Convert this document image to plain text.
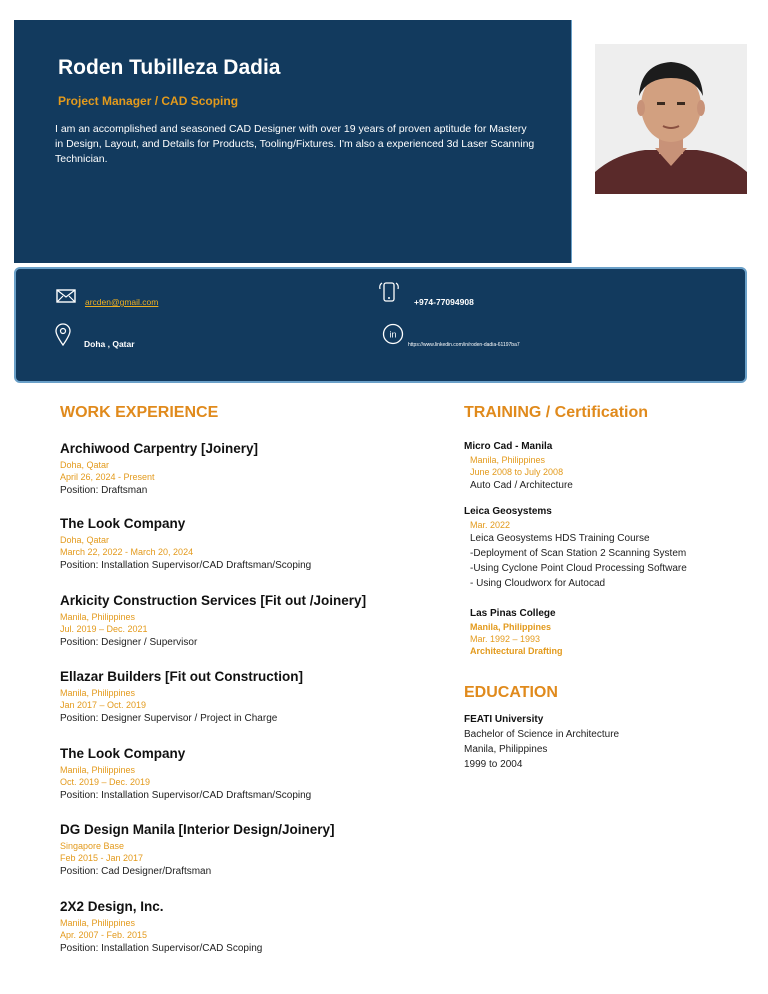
Roden Tubilleza Dadia
Project Manager / CAD Scoping
I am an accomplished and seasoned CAD Designer with over 19 years of proven aptitude for Mastery in Design, Layout, and Details for Products, Tooling/Fixtures. I'm also a experienced 3d Laser Scanning Technician.
arcden@gmail.com	+974-77094908
Doha , Qatar
in
https://www.linkedin.com/in/roden-dadia-61197ba7
WORK EXPERIENCE
Archiwood Carpentry [Joinery]
Doha, Qatar
April 26, 2024 - Present
Position: Draftsman
The Look Company
Doha, Qatar
March 22, 2022 - March 20, 2024
Position: Installation Supervisor/CAD Draftsman/Scoping
Arkicity Construction Services [Fit out /Joinery]
Manila, Philippines
Jul. 2019 – Dec. 2021
Position: Designer / Supervisor
Ellazar Builders [Fit out Construction]
Manila, Philippines
Jan 2017 – Oct. 2019
Position: Designer Supervisor / Project in Charge
The Look Company
Manila, Philippines
Oct. 2019 – Dec. 2019
Position: Installation Supervisor/CAD Draftsman/Scoping
DG Design Manila [Interior Design/Joinery]
Singapore Base
Feb 2015 - Jan 2017
Position: Cad Designer/Draftsman
2X2 Design, Inc.
Manila, Philippines
Apr. 2007 - Feb. 2015
Position: Installation Supervisor/CAD Scoping
TRAINING / Certification
Micro Cad - Manila
Manila, Philippines
June 2008 to July 2008
Auto Cad / Architecture
Leica Geosystems
Mar. 2022
Leica Geosystems HDS Training Course
-Deployment of Scan Station 2 Scanning System
-Using Cyclone Point Cloud Processing Software
- Using Cloudworx for Autocad
Las Pinas College
Manila, Philippines
Mar. 1992 – 1993
Architectural Drafting
EDUCATION
FEATI University
Bachelor of Science in Architecture
Manila, Philippines
1999 to 2004
